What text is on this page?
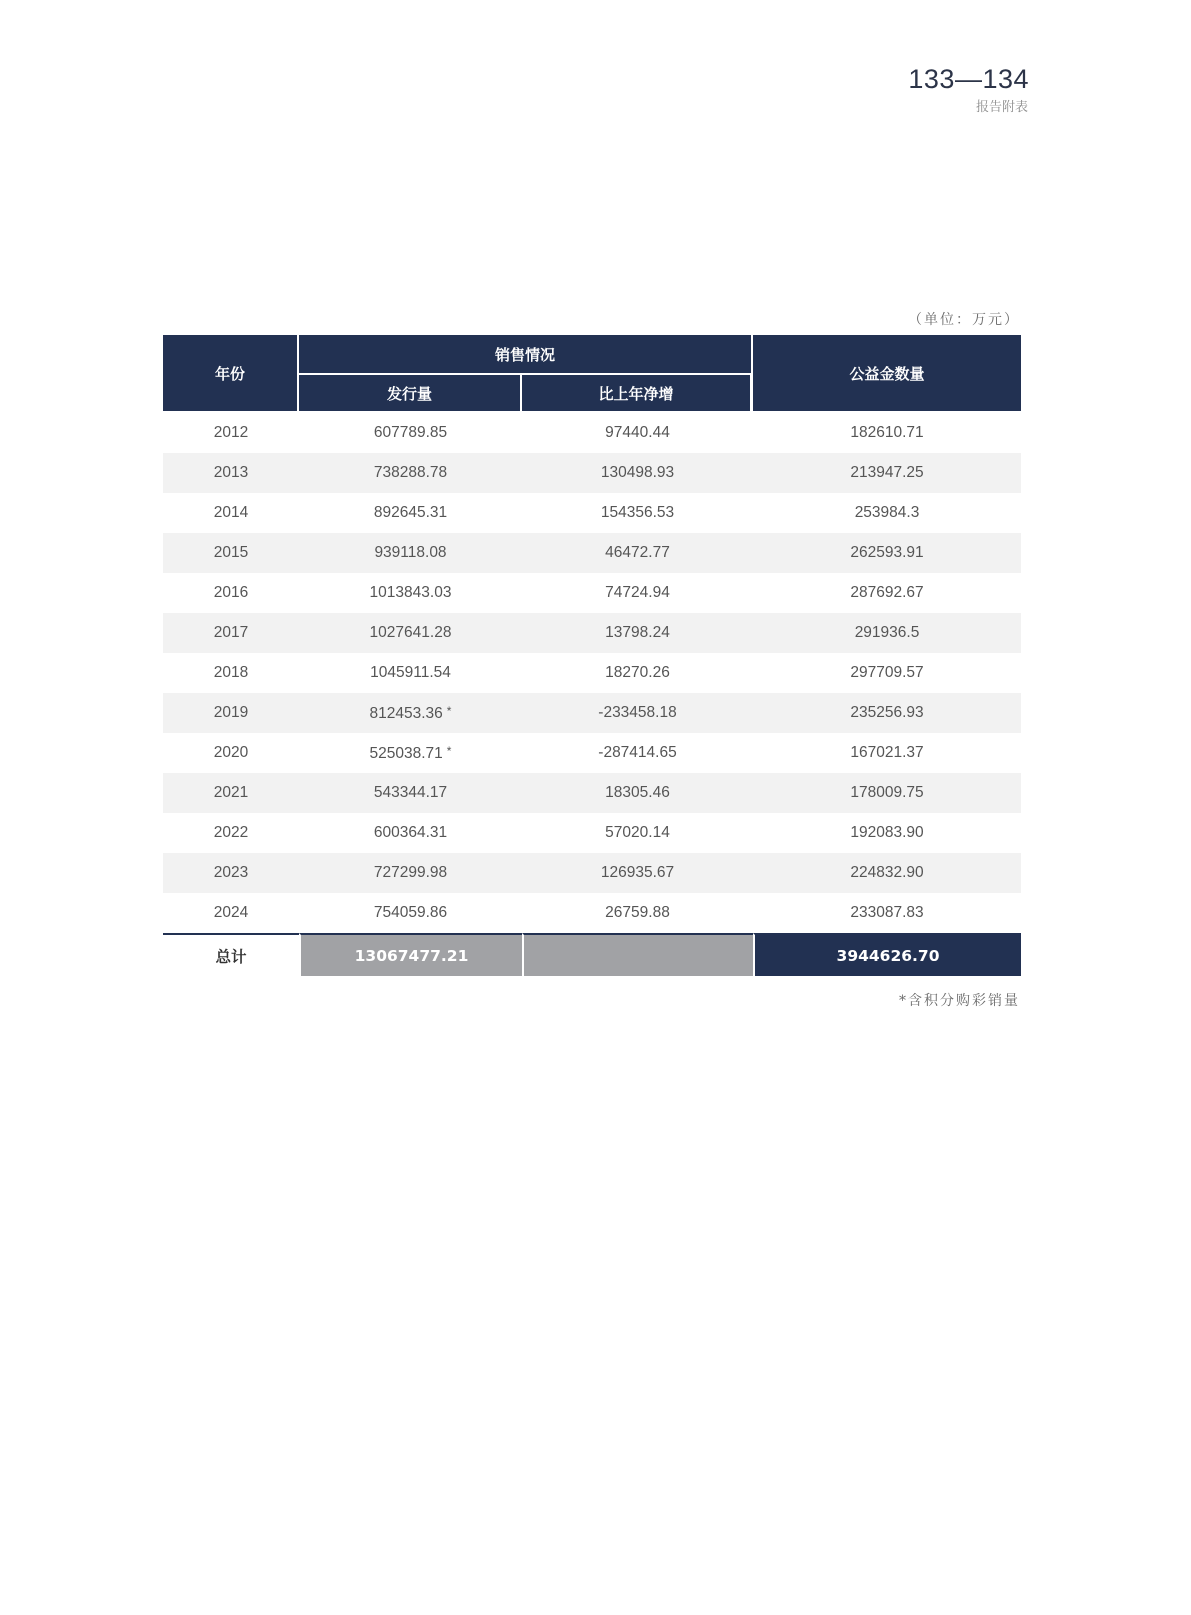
133—134
报告附表
（单位：万元）
年份	销售情况		公益金数量
	发行量	比上年净增	
2012	607789.85	97440.44	182610.71
2013	738288.78	130498.93	213947.25
2014	892645.31	154356.53	253984.3
2015	939118.08	46472.77	262593.91
2016	1013843.03	74724.94	287692.67
2017	1027641.28	13798.24	291936.5
2018	1045911.54	18270.26	297709.57
2019	812453.36 *	-233458.18	235256.93
2020	525038.71 *	-287414.65	167021.37
2021	543344.17	18305.46	178009.75
2022	600364.31	57020.14	192083.90
2023	727299.98	126935.67	224832.90
2024	754059.86	26759.88	233087.83
总计	13067477.21		3944626.70
*含积分购彩销量
